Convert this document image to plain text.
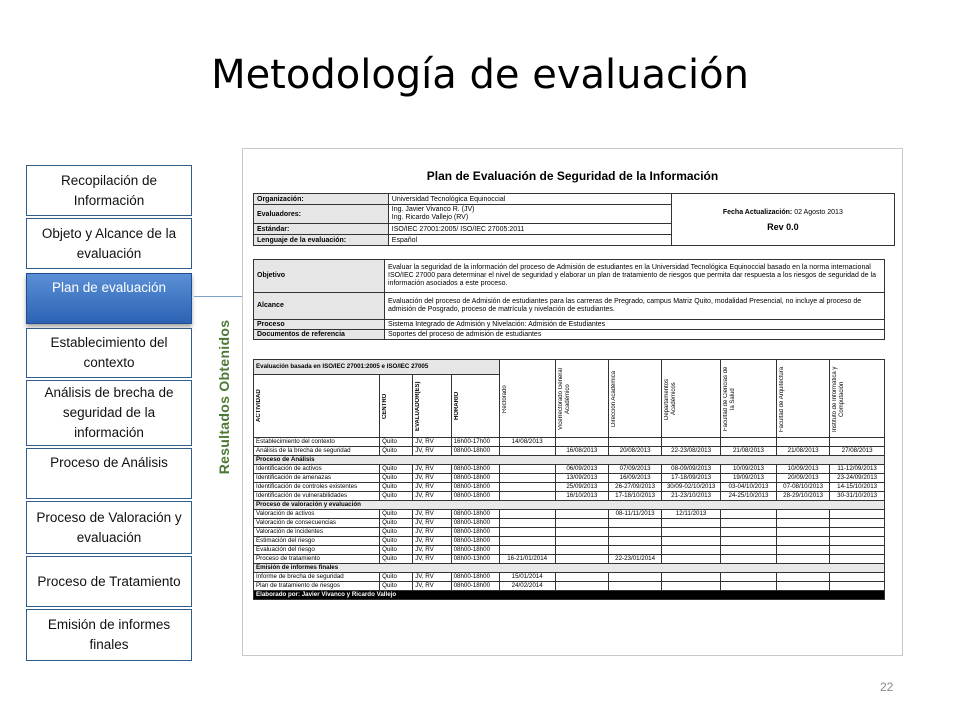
Metodología de evaluación
Recopilación de Información
Objeto y Alcance de la evaluación
Plan de evaluación
Establecimiento del contexto
Análisis de brecha de seguridad de la información
Proceso de Análisis
Proceso de Valoración y evaluación
Proceso de Tratamiento
Emisión de informes finales
Resultados Obtenidos
Plan de Evaluación de Seguridad de la Información
Organización:	Universidad Tecnológica Equinoccial	Fecha Actualización: 02 Agosto 2013
Rev 0.0

Evaluadores:	Ing. Javier Vivanco R. (JV)
Ing. Ricardo Vallejo (RV)	

Estándar:	ISO/IEC 27001:2005/ ISO/IEC 27005:2011	
Lenguaje de la evaluación:	Español	
Objetivo	Evaluar la seguridad de la información del proceso de Admisión de estudiantes en la Universidad Tecnológica Equinoccial basado en la norma internacional ISO/IEC 27000 para determinar el nivel de seguridad y elaborar un plan de tratamiento de riesgos que permita dar respuesta a los riesgos de seguridad de la información asociados a este proceso.
Alcance	Evaluación del proceso de Admisión de estudiantes para las carreras de Pregrado, campus Matriz Quito, modalidad Presencial, no incluye al proceso de admisión de Posgrado, proceso de matrícula y nivelación de estudiantes.
Proceso	Sistema Integrado de Admisión y Nivelación: Admisión de Estudiantes
Documentos de referencia	Soportes del proceso de admisión de estudiantes
Evaluación basada en ISO/IEC 27001:2005 e ISO/IEC 27005				Rectorado	Vicerrectorado General Académico	Dirección Académica	Departamentos Académicos	Facultad de Ciencias de la Salud	Facultad de Arquitectura	Instituto de Informática y Computación

ACTIVIDAD	CENTRO	EVALUADOR(ES)	HORARIO							

Establecimiento del contexto	Quito	JV, RV	16h00-17h00	14/08/2013						
Análisis de la brecha de seguridad	Quito	JV, RV	08h00-18h00		16/08/2013	20/08/2013	22-23/08/2013	21/08/2013	21/08/2013	27/08/2013
Proceso de Análisis										
Identificación de activos	Quito	JV, RV	08h00-18h00		06/09/2013	07/09/2013	08-09/09/2013	10/09/2013	10/09/2013	11-12/09/2013
Identificación de amenazas	Quito	JV, RV	08h00-18h00		13/09/2013	16/09/2013	17-18/09/2013	19/09/2013	20/09/2013	23-24/09/2013
Identificación de controles existentes	Quito	JV, RV	08h00-18h00		25/09/2013	26-27/09/2013	30/09-02/10/2013	03-04/10/2013	07-08/10/2013	14-15/10/2013
Identificación de vulnerabilidades	Quito	JV, RV	08h00-18h00		16/10/2013	17-18/10/2013	21-23/10/2013	24-25/10/2013	28-29/10/2013	30-31/10/2013
Proceso de valoración y evaluación										
Valoración de activos	Quito	JV, RV	08h00-18h00			08-11/11/2013	12/11/2013			
Valoración de consecuencias	Quito	JV, RV	08h00-18h00							
Valoración de incidentes	Quito	JV, RV	08h00-18h00							
Estimación del riesgo	Quito	JV, RV	08h00-18h00							
Evaluación del riesgo	Quito	JV, RV	08h00-18h00							
Proceso de tratamiento	Quito	JV, RV	08h00-13h00	16-21/01/2014		22-23/01/2014				
Emisión de informes finales										
Informe de brecha de seguridad	Quito	JV, RV	08h00-18h00	15/01/2014						
Plan de tratamiento de riesgos	Quito	JV, RV	08h00-18h00	24/02/2014						
Elaborado por: Javier Vivanco y Ricardo Vallejo										
22
